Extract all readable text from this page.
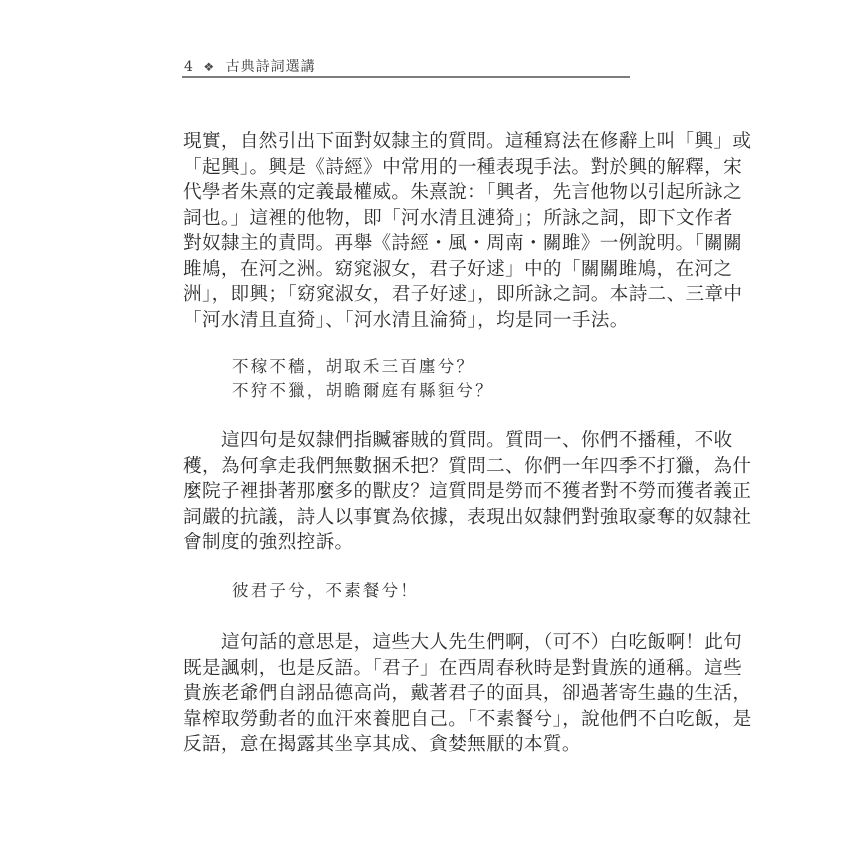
4 ❖ 古典詩詞選講
現實，自然引出下面對奴隸主的質問。這種寫法在修辭上叫「興」或
「起興」。興是《詩經》中常用的一種表現手法。對於興的解釋，宋
代學者朱熹的定義最權威。朱熹說：「興者，先言他物以引起所詠之
詞也。」這裡的他物，即「河水清且漣猗」；所詠之詞，即下文作者
對奴隸主的責問。再舉《詩經・風・周南・關雎》一例說明。「關關
雎鳩，在河之洲。窈窕淑女，君子好逑」中的「關關雎鳩，在河之
洲」，即興；「窈窕淑女，君子好逑」，即所詠之詞。本詩二、三章中
「河水清且直猗」、「河水清且淪猗」，均是同一手法。
不稼不穡，胡取禾三百廛兮？
不狩不獵，胡瞻爾庭有縣貆兮？
這四句是奴隸們指贓審賊的質問。質問一、你們不播種，不收
穫，為何拿走我們無數捆禾把？質問二、你們一年四季不打獵，為什
麼院子裡掛著那麼多的獸皮？這質問是勞而不獲者對不勞而獲者義正
詞嚴的抗議，詩人以事實為依據，表現出奴隸們對強取豪奪的奴隸社
會制度的強烈控訴。
彼君子兮，不素餐兮！
這句話的意思是，這些大人先生們啊，（可不）白吃飯啊！此句
既是諷刺，也是反語。「君子」在西周春秋時是對貴族的通稱。這些
貴族老爺們自詡品德高尚，戴著君子的面具，卻過著寄生蟲的生活，
靠榨取勞動者的血汗來養肥自己。「不素餐兮」，說他們不白吃飯，是
反語，意在揭露其坐享其成、貪婪無厭的本質。
